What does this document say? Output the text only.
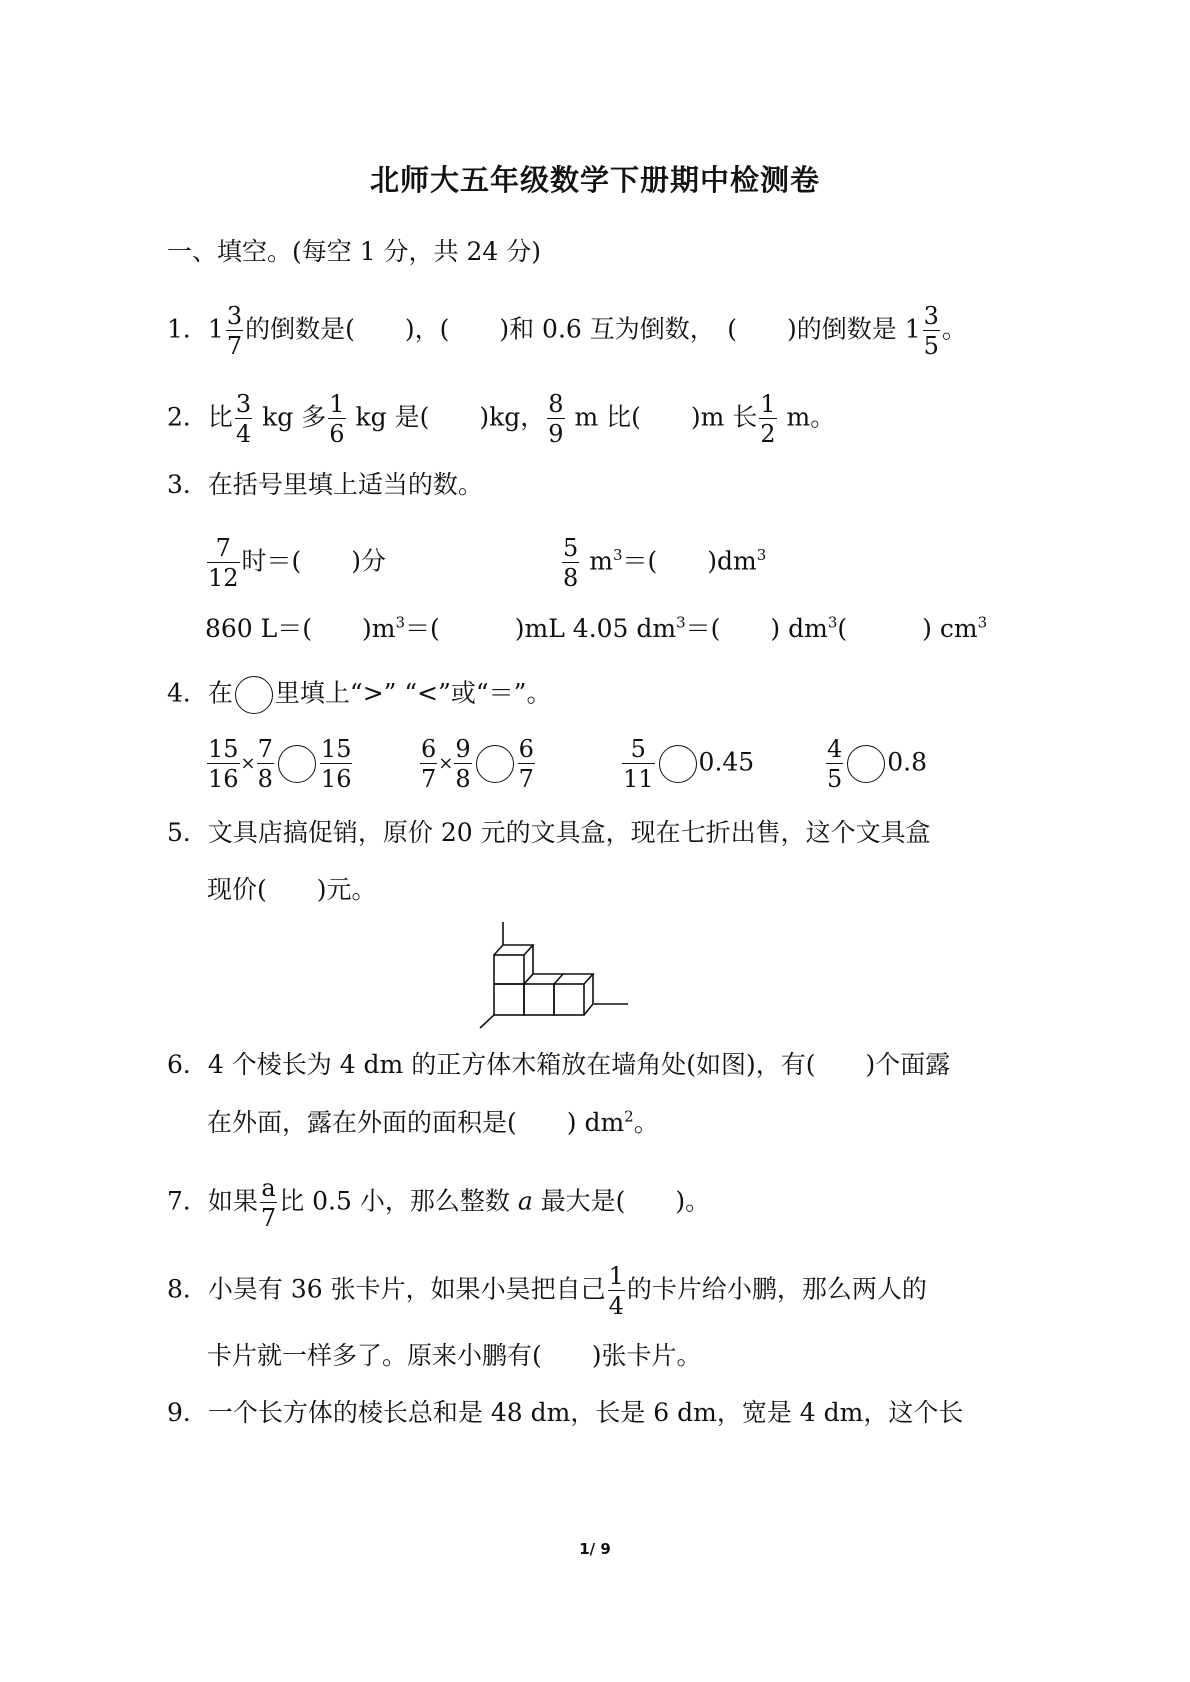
北师大五年级数学下册期中检测卷
一、填空。(每空 1 分，共 24 分)
1．$1 \frac{3}{7}$ 的倒数是(　　)，(　　)和 0.6 互为倒数，　(　　)的倒数是 $1 \frac{3}{5}$ 。
2．比 $\frac{3}{4}$ kg 多 $\frac{1}{6}$ kg 是(　　)kg， $\frac{8}{9}$ m 比(　　)m 长 $\frac{1}{2}$ m。
3．在括号里填上适当的数。
$\frac{7}{12}$ 时＝(　　)分	$\frac{5}{8} m^3=$(　　)$dm^3$
860 L＝(　　)$m^3=$(　　　)mL 4.05 $dm^3=$(　　) $dm^3$(　　　) $cm^3$
4．在 里填上“>” “<”或“＝”。
$\frac{15}{16} \times \frac{7}{8} \frac{15}{16}$	$\frac{6}{7} \times \frac{9}{8} \frac{6}{7}$	$\frac{5}{11} 0.45$	$\frac{4}{5} 0.8$
5．文具店搞促销，原价 20 元的文具盒，现在七折出售，这个文具盒
现价(　　)元。
6．4 个棱长为 4 dm 的正方体木箱放在墙角处(如图)，有(　　)个面露
在外面，露在外面的面积是(　　) $dm^2$。
7．如果 $\frac{a}{7}$ 比 0.5 小，那么整数 a 最大是(　　)。
8．小昊有 36 张卡片，如果小昊把自己 $\frac{1}{4}$ 的卡片给小鹏，那么两人的
卡片就一样多了。原来小鹏有(　　)张卡片。
9．一个长方体的棱长总和是 48 dm，长是 6 dm，宽是 4 dm，这个长
1/ 9
